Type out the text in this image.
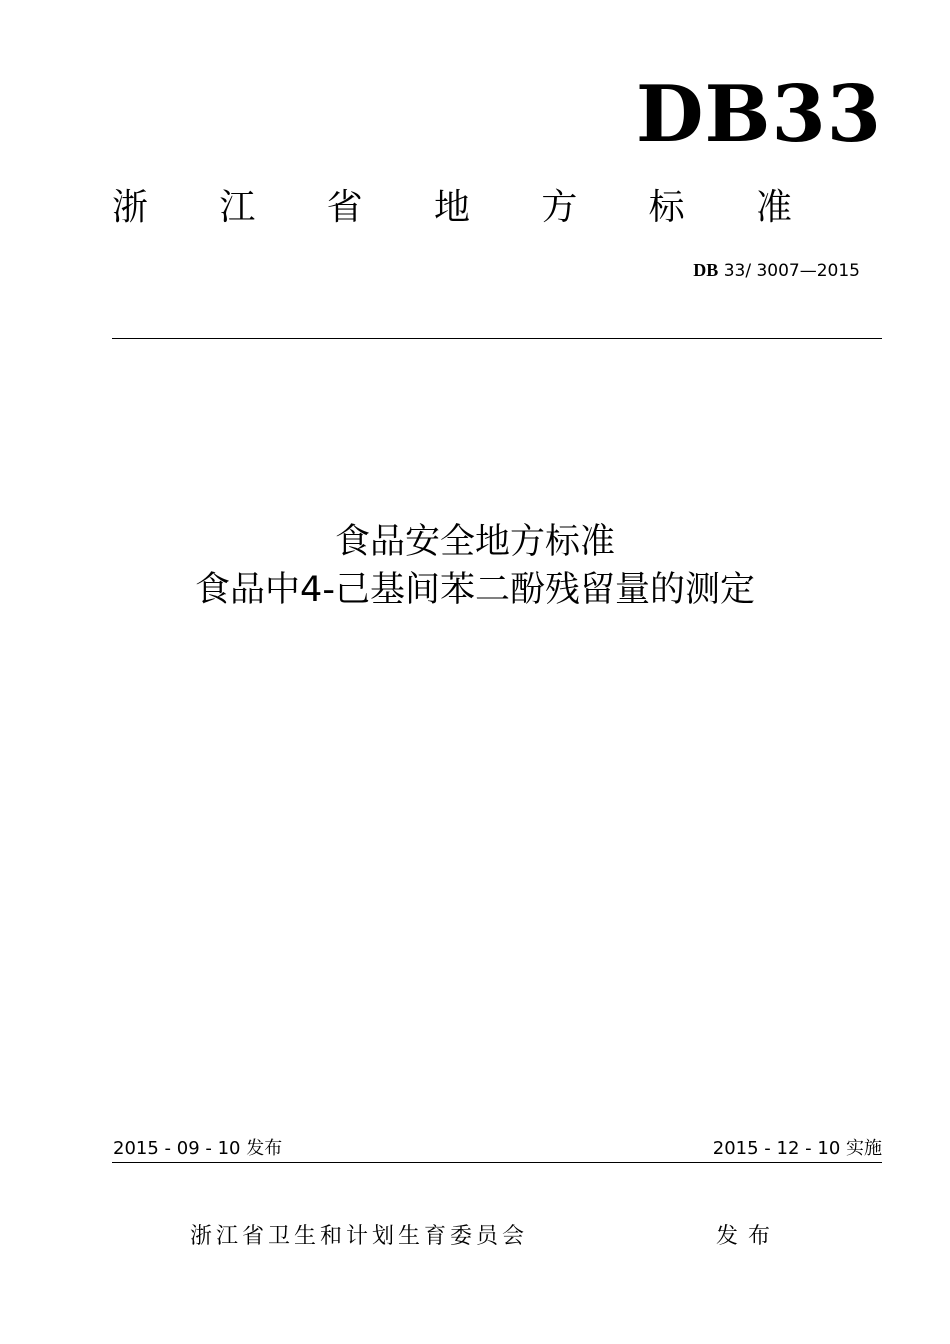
DB33
浙 江 省 地 方 标 准
DB 33/ 3007—2015
食品安全地方标准
食品中4-己基间苯二酚残留量的测定
2015 - 09 - 10 发布	2015 - 12 - 10 实施
浙江省卫生和计划生育委员会	发布
